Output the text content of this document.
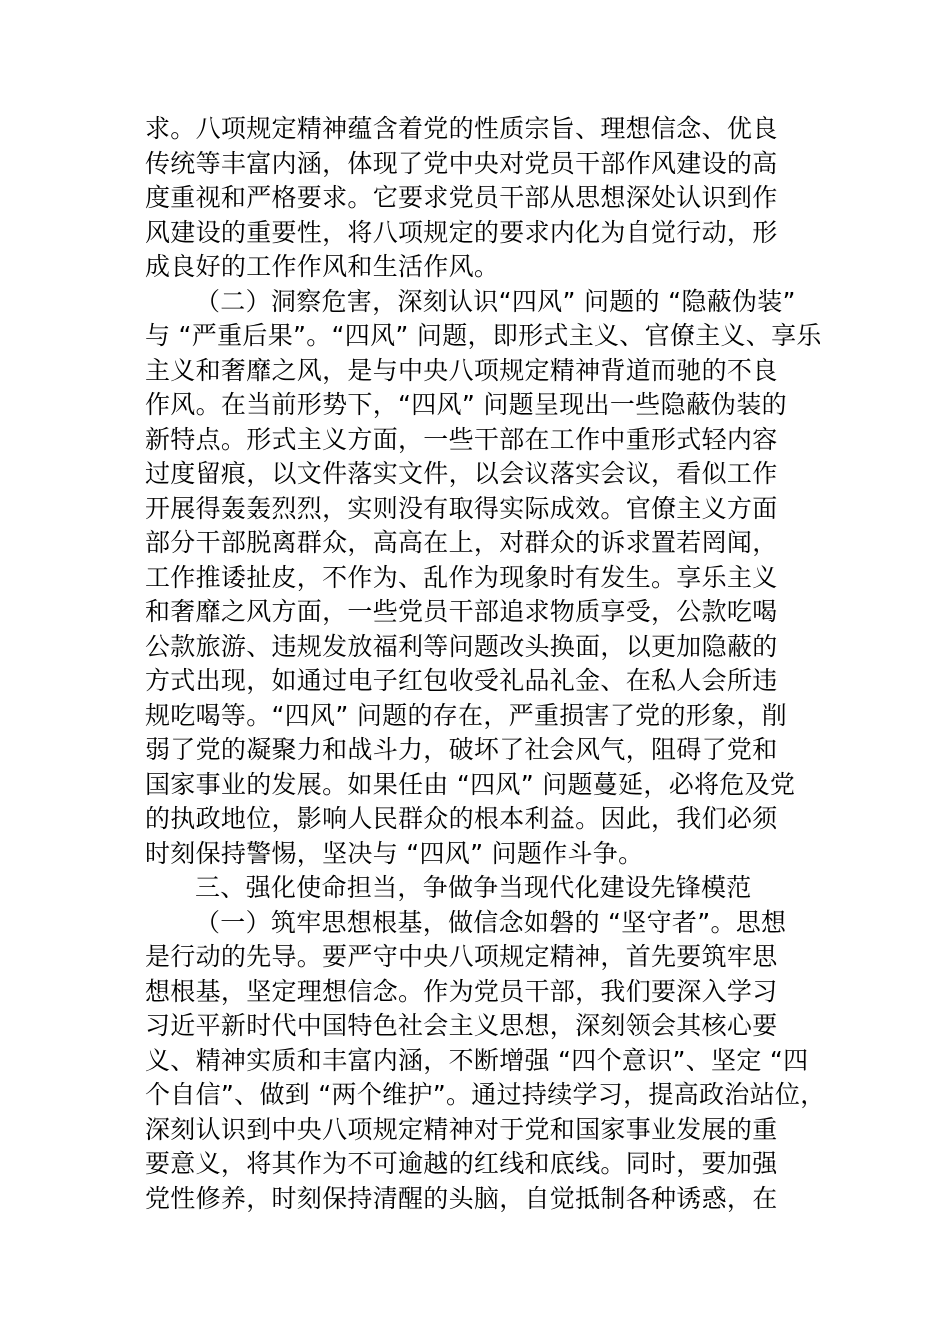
求。八项规定精神蕴含着党的性质宗旨、理想信念、优良
传统等丰富内涵，体现了党中央对党员干部作风建设的高
度重视和严格要求。它要求党员干部从思想深处认识到作
风建设的重要性，将八项规定的要求内化为自觉行动，形
成良好的工作作风和生活作风。
（二）洞察危害，深刻认识“四风” 问题的 “隐蔽伪装”
与 “严重后果”。“四风” 问题，即形式主义、官僚主义、享乐
主义和奢靡之风，是与中央八项规定精神背道而驰的不良
作风。在当前形势下，“四风” 问题呈现出一些隐蔽伪装的
新特点。形式主义方面，一些干部在工作中重形式轻内容
过度留痕，以文件落实文件，以会议落实会议，看似工作
开展得轰轰烈烈，实则没有取得实际成效。官僚主义方面
部分干部脱离群众，高高在上，对群众的诉求置若罔闻，
工作推诿扯皮，不作为、乱作为现象时有发生。享乐主义
和奢靡之风方面，一些党员干部追求物质享受，公款吃喝
公款旅游、违规发放福利等问题改头换面，以更加隐蔽的
方式出现，如通过电子红包收受礼品礼金、在私人会所违
规吃喝等。“四风” 问题的存在，严重损害了党的形象，削
弱了党的凝聚力和战斗力，破坏了社会风气，阻碍了党和
国家事业的发展。如果任由 “四风” 问题蔓延，必将危及党
的执政地位，影响人民群众的根本利益。因此，我们必须
时刻保持警惕，坚决与 “四风” 问题作斗争。
三、强化使命担当，争做争当现代化建设先锋模范
（一）筑牢思想根基，做信念如磐的 “坚守者”。思想
是行动的先导。要严守中央八项规定精神，首先要筑牢思
想根基，坚定理想信念。作为党员干部，我们要深入学习
习近平新时代中国特色社会主义思想，深刻领会其核心要
义、精神实质和丰富内涵，不断增强 “四个意识”、坚定 “四
个自信”、做到 “两个维护”。通过持续学习，提高政治站位，
深刻认识到中央八项规定精神对于党和国家事业发展的重
要意义，将其作为不可逾越的红线和底线。同时，要加强
党性修养，时刻保持清醒的头脑，自觉抵制各种诱惑，在
